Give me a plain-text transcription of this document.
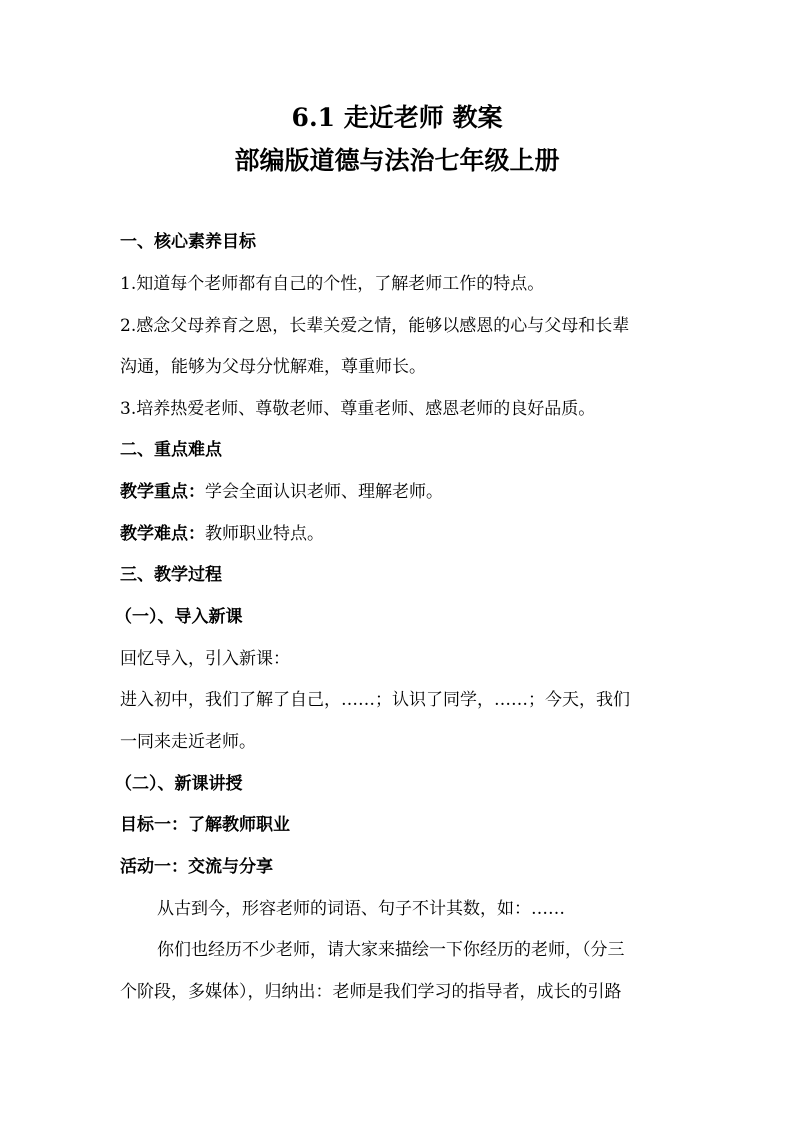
6.1 走近老师 教案
部编版道德与法治七年级上册

一、核心素养目标

1.知道每个老师都有自己的个性，了解老师工作的特点。

2.感念父母养育之恩，长辈关爱之情，能够以感恩的心与父母和长辈

沟通，能够为父母分忧解难，尊重师长。

3.培养热爱老师、尊敬老师、尊重老师、感恩老师的良好品质。

二、重点难点

教学重点：学会全面认识老师、理解老师。

教学难点：教师职业特点。

三、教学过程

（一）、导入新课

回忆导入，引入新课：

进入初中，我们了解了自己，……；认识了同学，……；今天，我们

一同来走近老师。

（二）、新课讲授

目标一：了解教师职业

活动一：交流与分享

从古到今，形容老师的词语、句子不计其数，如：……

你们也经历不少老师，请大家来描绘一下你经历的老师，（分三

个阶段，多媒体），归纳出：老师是我们学习的指导者，成长的引路
